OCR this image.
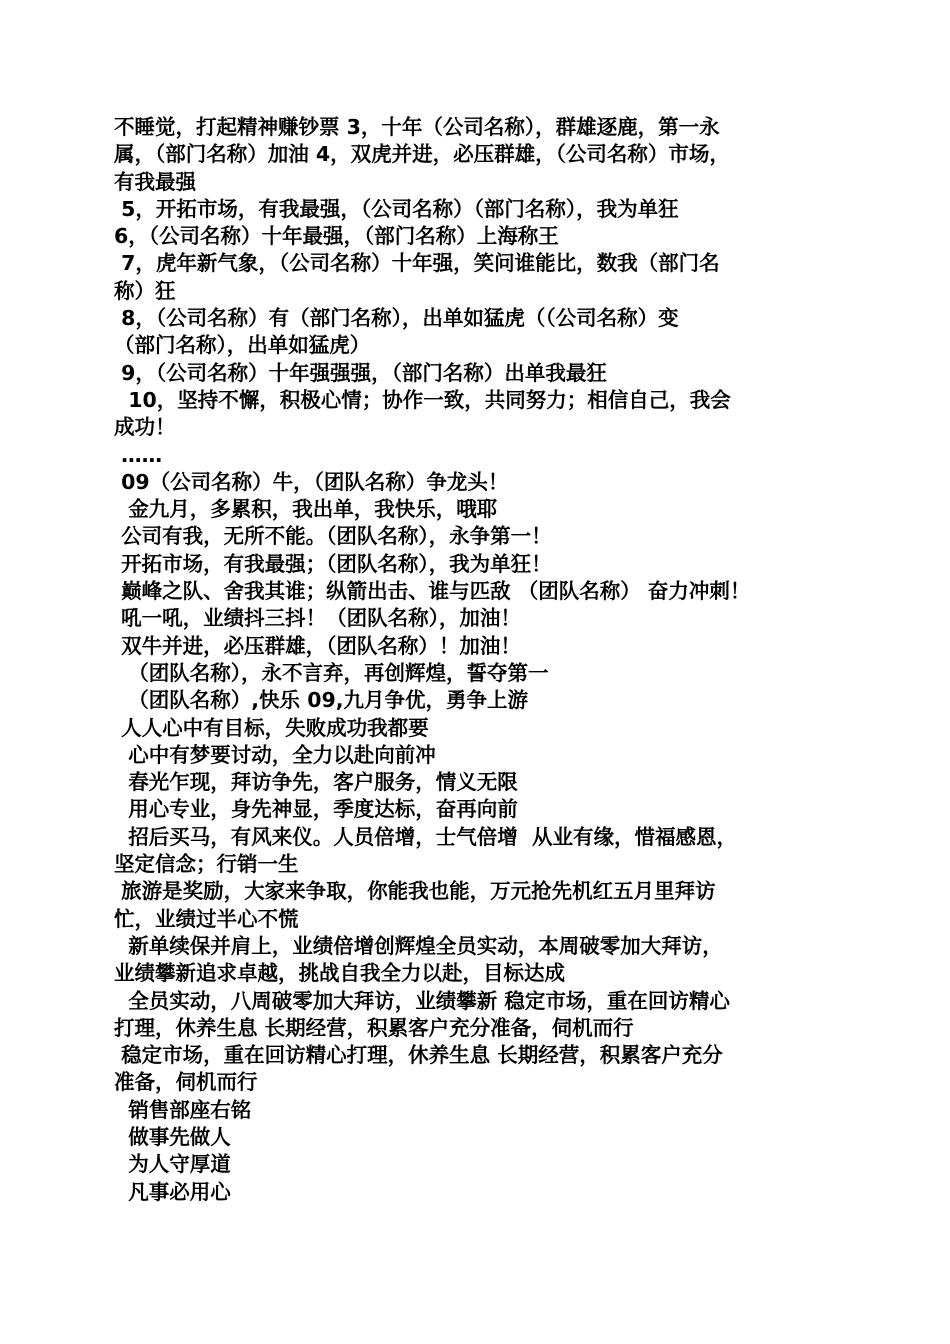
不睡觉，打起精神赚钞票 3，十年（公司名称），群雄逐鹿，第一永
属，（部门名称）加油 4，双虎并进，必压群雄，（公司名称）市场，
有我最强
5，开拓市场，有我最强，（公司名称）（部门名称），我为单狂
6，（公司名称）十年最强，（部门名称）上海称王
7，虎年新气象，（公司名称）十年强，笑问谁能比，数我（部门名
称）狂
8，（公司名称）有（部门名称），出单如猛虎（（公司名称）变
（部门名称），出单如猛虎）
9，（公司名称）十年强强强，（部门名称）出单我最狂
10，坚持不懈，积极心情；协作一致，共同努力；相信自己，我会
成功！
……
09（公司名称）牛，（团队名称）争龙头！
金九月，多累积，我出单，我快乐，哦耶
公司有我，无所不能。（团队名称），永争第一！
开拓市场，有我最强；（团队名称），我为单狂！
巅峰之队、舍我其谁；纵箭出击、谁与匹敌 （团队名称） 奋力冲刺！
吼一吼，业绩抖三抖！（团队名称），加油！
双牛并进，必压群雄，（团队名称）！加油！
（团队名称），永不言弃，再创辉煌，誓夺第一
（团队名称）,快乐 09,九月争优，勇争上游
人人心中有目标，失败成功我都要
心中有梦要讨动，全力以赴向前冲
春光乍现，拜访争先，客户服务，情义无限
用心专业，身先神显，季度达标，奋再向前
招后买马，有风来仪。人员倍增，士气倍增  从业有缘，惜福感恩，
坚定信念；行销一生
旅游是奖励，大家来争取，你能我也能，万元抢先机红五月里拜访
忙，业绩过半心不慌
新单续保并肩上，业绩倍增创辉煌全员实动，本周破零加大拜访，
业绩攀新追求卓越，挑战自我全力以赴，目标达成
全员实动，八周破零加大拜访，业绩攀新 稳定市场，重在回访精心
打理，休养生息 长期经营，积累客户充分准备，伺机而行
稳定市场，重在回访精心打理，休养生息 长期经营，积累客户充分
准备，伺机而行
销售部座右铭
做事先做人
为人守厚道
凡事必用心
